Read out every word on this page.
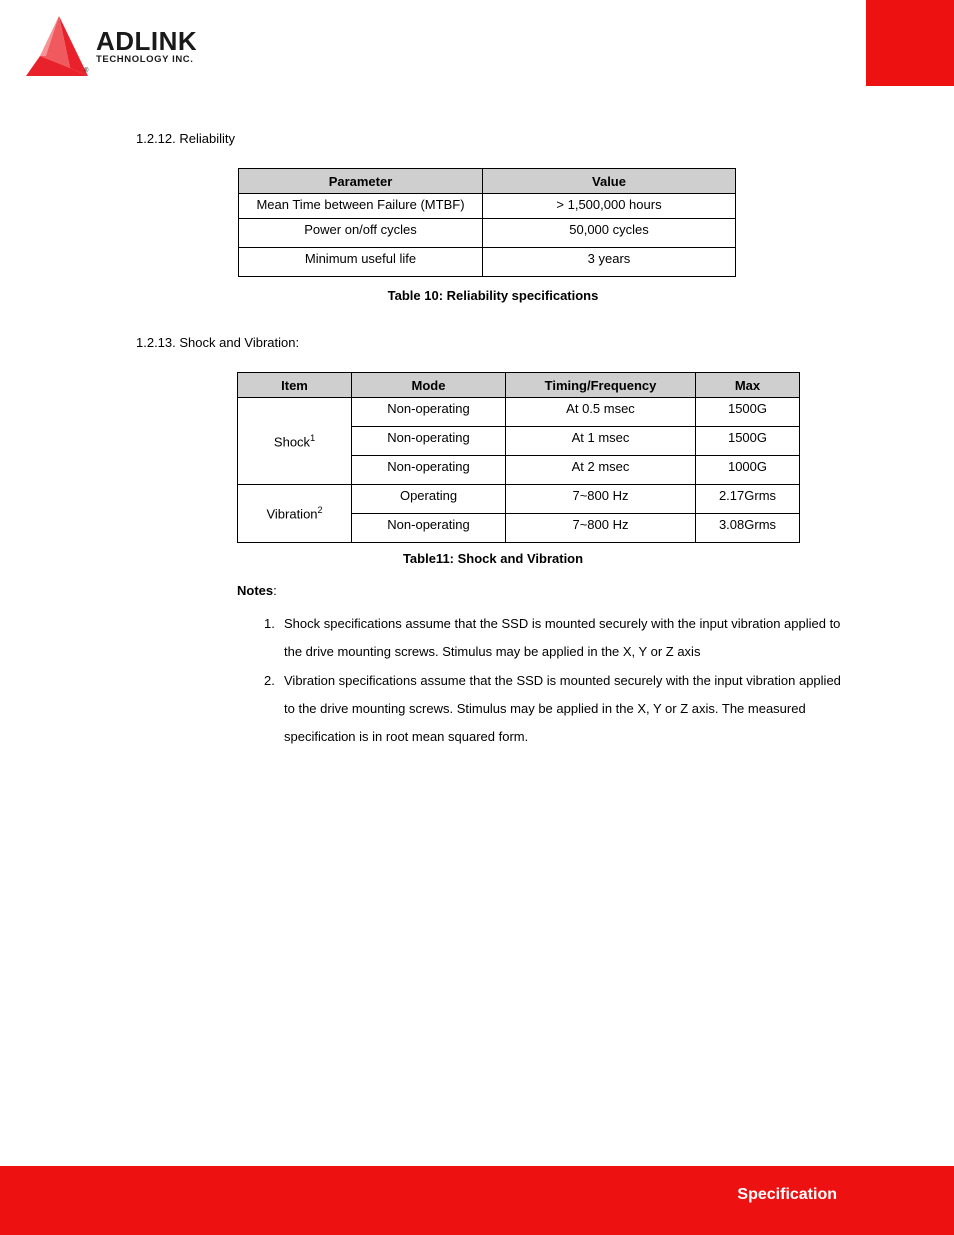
ADLINK
TECHNOLOGY INC.
®
1.2.12. Reliability
Parameter	Value
Mean Time between Failure (MTBF)	> 1,500,000 hours
Power on/off cycles	50,000 cycles
Minimum useful life	3 years
Table 10: Reliability specifications
1.2.13. Shock and Vibration:
Item	Mode	Timing/Frequency	Max
Shock$^1$	Non-operating	At 0.5 msec	1500G
	Non-operating	At 1 msec	1500G
	Non-operating	At 2 msec	1000G
Vibration$^2$	Operating	7~800 Hz	2.17Grms
	Non-operating	7~800 Hz	3.08Grms
Table11: Shock and Vibration
Notes:
1. Shock specifications assume that the SSD is mounted securely with the input vibration applied to the drive mounting screws. Stimulus may be applied in the X, Y or Z axis
2. Vibration specifications assume that the SSD is mounted securely with the input vibration applied to the drive mounting screws. Stimulus may be applied in the X, Y or Z axis. The measured specification is in root mean squared form.
Specification
